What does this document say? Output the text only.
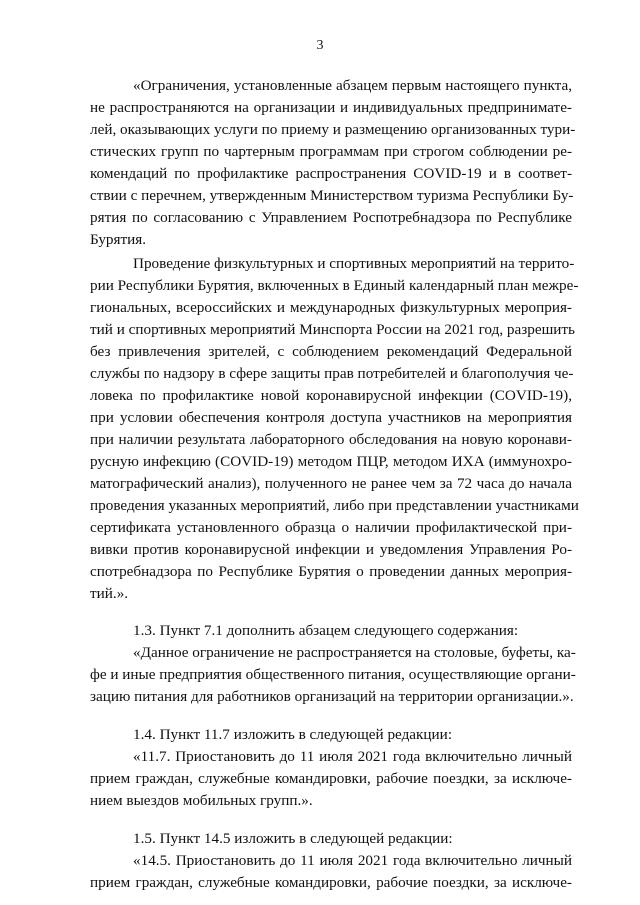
3
«Ограничения, установленные абзацем первым настоящего пункта,
не распространяются на организации и индивидуальных предпринимате-
лей, оказывающих услуги по приему и размещению организованных тури-
стических групп по чартерным программам при строгом соблюдении ре-
комендаций по профилактике распространения COVID-19 и в соответ-
ствии с перечнем, утвержденным Министерством туризма Республики Бу-
рятия по согласованию с Управлением Роспотребнадзора по Республике
Бурятия.
Проведение физкультурных и спортивных мероприятий на террито-
рии Республики Бурятия, включенных в Единый календарный план межре-
гиональных, всероссийских и международных физкультурных мероприя-
тий и спортивных мероприятий Минспорта России на 2021 год, разрешить
без привлечения зрителей, с соблюдением рекомендаций Федеральной
службы по надзору в сфере защиты прав потребителей и благополучия че-
ловека по профилактике новой коронавирусной инфекции (COVID-19),
при условии обеспечения контроля доступа участников на мероприятия
при наличии результата лабораторного обследования на новую коронави-
русную инфекцию (COVID-19) методом ПЦР, методом ИХА (иммунохро-
матографический анализ), полученного не ранее чем за 72 часа до начала
проведения указанных мероприятий, либо при представлении участниками
сертификата установленного образца о наличии профилактической при-
вивки против коронавирусной инфекции и уведомления Управления Ро-
спотребнадзора по Республике Бурятия о проведении данных мероприя-
тий.».
1.3. Пункт 7.1 дополнить абзацем следующего содержания:
«Данное ограничение не распространяется на столовые, буфеты, ка-
фе и иные предприятия общественного питания, осуществляющие органи-
зацию питания для работников организаций на территории организации.».
1.4. Пункт 11.7 изложить в следующей редакции:
«11.7. Приостановить до 11 июля 2021 года включительно личный
прием граждан, служебные командировки, рабочие поездки, за исключе-
нием выездов мобильных групп.».
1.5. Пункт 14.5 изложить в следующей редакции:
«14.5. Приостановить до 11 июля 2021 года включительно личный
прием граждан, служебные командировки, рабочие поездки, за исключе-
